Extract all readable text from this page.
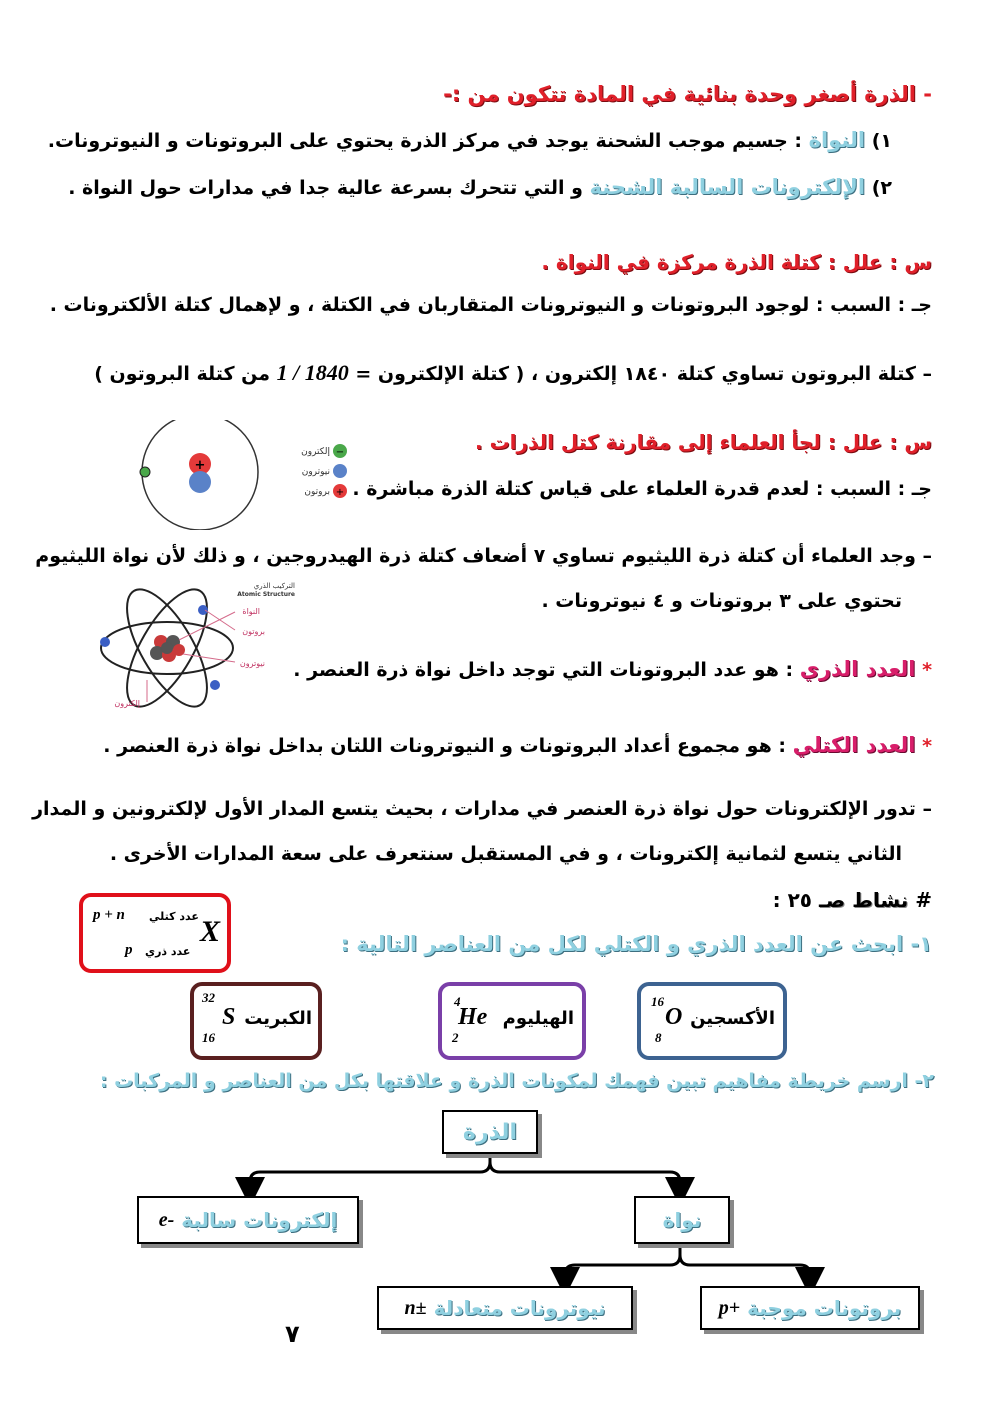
- الذرة أصغر وحدة بنائية في المادة تتكون من :-
١) النواة : جسيم موجب الشحنة يوجد في مركز الذرة يحتوي على البروتونات و النيوترونات.
٢) الإلكترونات السالبة الشحنة و التي تتحرك بسرعة عالية جدا في مدارات حول النواة .
س : علل : كتلة الذرة مركزة في النواة .
جـ : السبب : لوجود البروتونات و النيوترونات المتقاربان في الكتلة ، و لإهمال كتلة الألكترونات .
– كتلة البروتون تساوي كتلة ١٨٤٠ إلكترون ، ( كتلة الإلكترون = 1 / 1840 من كتلة البروتون )
س : علل : لجأ العلماء إلى مقارنة كتل الذرات .
جـ : السبب : لعدم قدرة العلماء على قياس كتلة الذرة مباشرة .
+
−
+
إلكترون
نيوترون
بروتون
– وجد العلماء أن كتلة ذرة الليثيوم تساوي ٧ أضعاف كتلة ذرة الهيدروجين ، و ذلك لأن نواة الليثيوم
تحتوي على ٣ بروتونات و ٤ نيوترونات .
التركيب الذري
Atomic Structure
النواة
بروتون
نيوترون
إلكترون
* العدد الذري : هو عدد البروتونات التي توجد داخل نواة ذرة العنصر .
* العدد الكتلي : هو مجموع أعداد البروتونات و النيوترونات اللتان بداخل نواة ذرة العنصر .
– تدور الإلكترونات حول نواة ذرة العنصر في مدارات ، بحيث يتسع المدار الأول لإلكترونين و المدار
الثاني يتسع لثمانية إلكترونات ، و في المستقبل سنتعرف على سعة المدارات الأخرى .
# نشاط صـ ٢٥ :
١- ابحث عن العدد الذري و الكتلي لكل من العناصر التالية :
p + n عدد كتلي X
p عدد ذري
16
O
8
الأكسجين
4
He
2
الهيليوم
32
S
16
الكبريت
٢- ارسم خريطة مفاهيم تبين فهمك لمكونات الذرة و علاقتها بكل من العناصر و المركبات :
الذرة
إلكترونات سالبة

e-	نواة
نيوترونات متعادلة

n±	بروتونات موجبة

p+
٧
